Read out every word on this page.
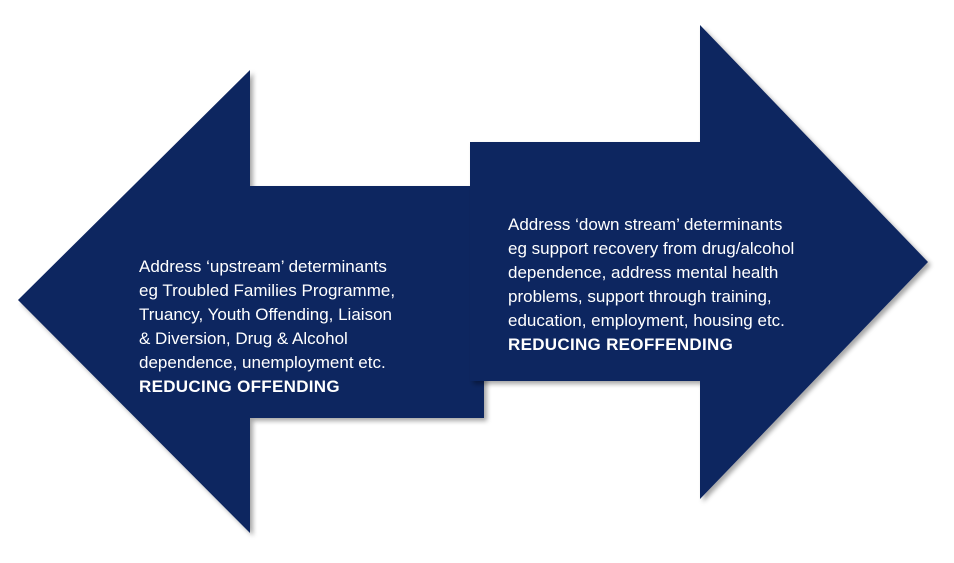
Address ‘upstream’ determinants
eg Troubled Families Programme,
Truancy, Youth Offending, Liaison
& Diversion, Drug & Alcohol
dependence, unemployment etc.

REDUCING OFFENDING

Address ‘down stream’ determinants
eg support recovery from drug/alcohol
dependence, address mental health
problems, support through training,
education, employment, housing etc.

REDUCING REOFFENDING
